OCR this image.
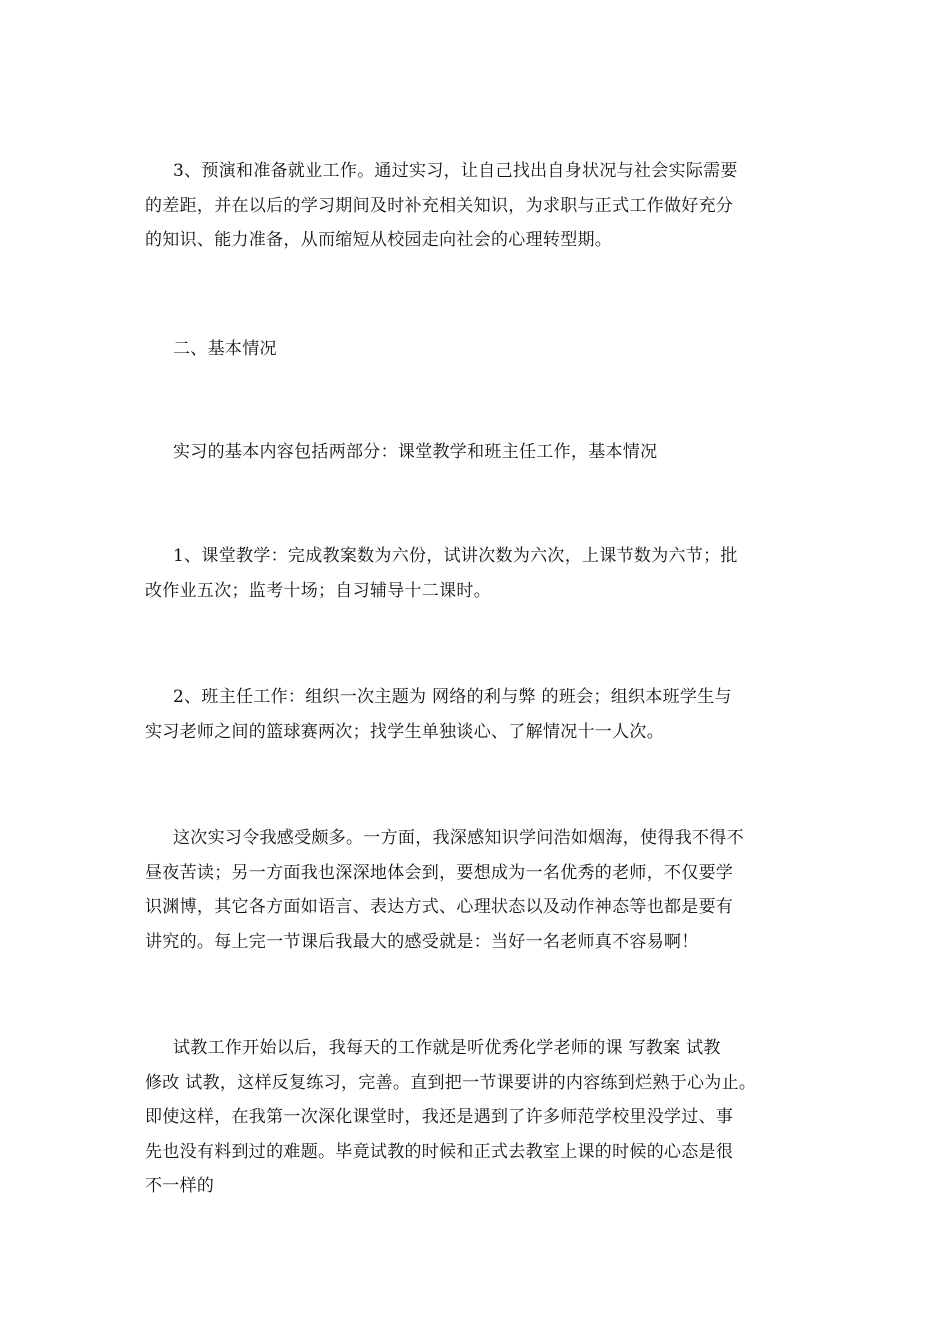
3、预演和准备就业工作。通过实习，让自己找出自身状况与社会实际需要
的差距，并在以后的学习期间及时补充相关知识，为求职与正式工作做好充分
的知识、能力准备，从而缩短从校园走向社会的心理转型期。
二、基本情况
实习的基本内容包括两部分：课堂教学和班主任工作，基本情况
1、课堂教学：完成教案数为六份，试讲次数为六次，上课节数为六节；批
改作业五次；监考十场；自习辅导十二课时。
2、班主任工作：组织一次主题为 网络的利与弊 的班会；组织本班学生与
实习老师之间的篮球赛两次；找学生单独谈心、了解情况十一人次。
这次实习令我感受颇多。一方面，我深感知识学问浩如烟海，使得我不得不
昼夜苦读；另一方面我也深深地体会到，要想成为一名优秀的老师，不仅要学
识渊博，其它各方面如语言、表达方式、心理状态以及动作神态等也都是要有
讲究的。每上完一节课后我最大的感受就是：当好一名老师真不容易啊！
试教工作开始以后，我每天的工作就是听优秀化学老师的课 写教案 试教
修改 试教，这样反复练习，完善。直到把一节课要讲的内容练到烂熟于心为止。
即使这样，在我第一次深化课堂时，我还是遇到了许多师范学校里没学过、事
先也没有料到过的难题。毕竟试教的时候和正式去教室上课的时候的心态是很
不一样的
